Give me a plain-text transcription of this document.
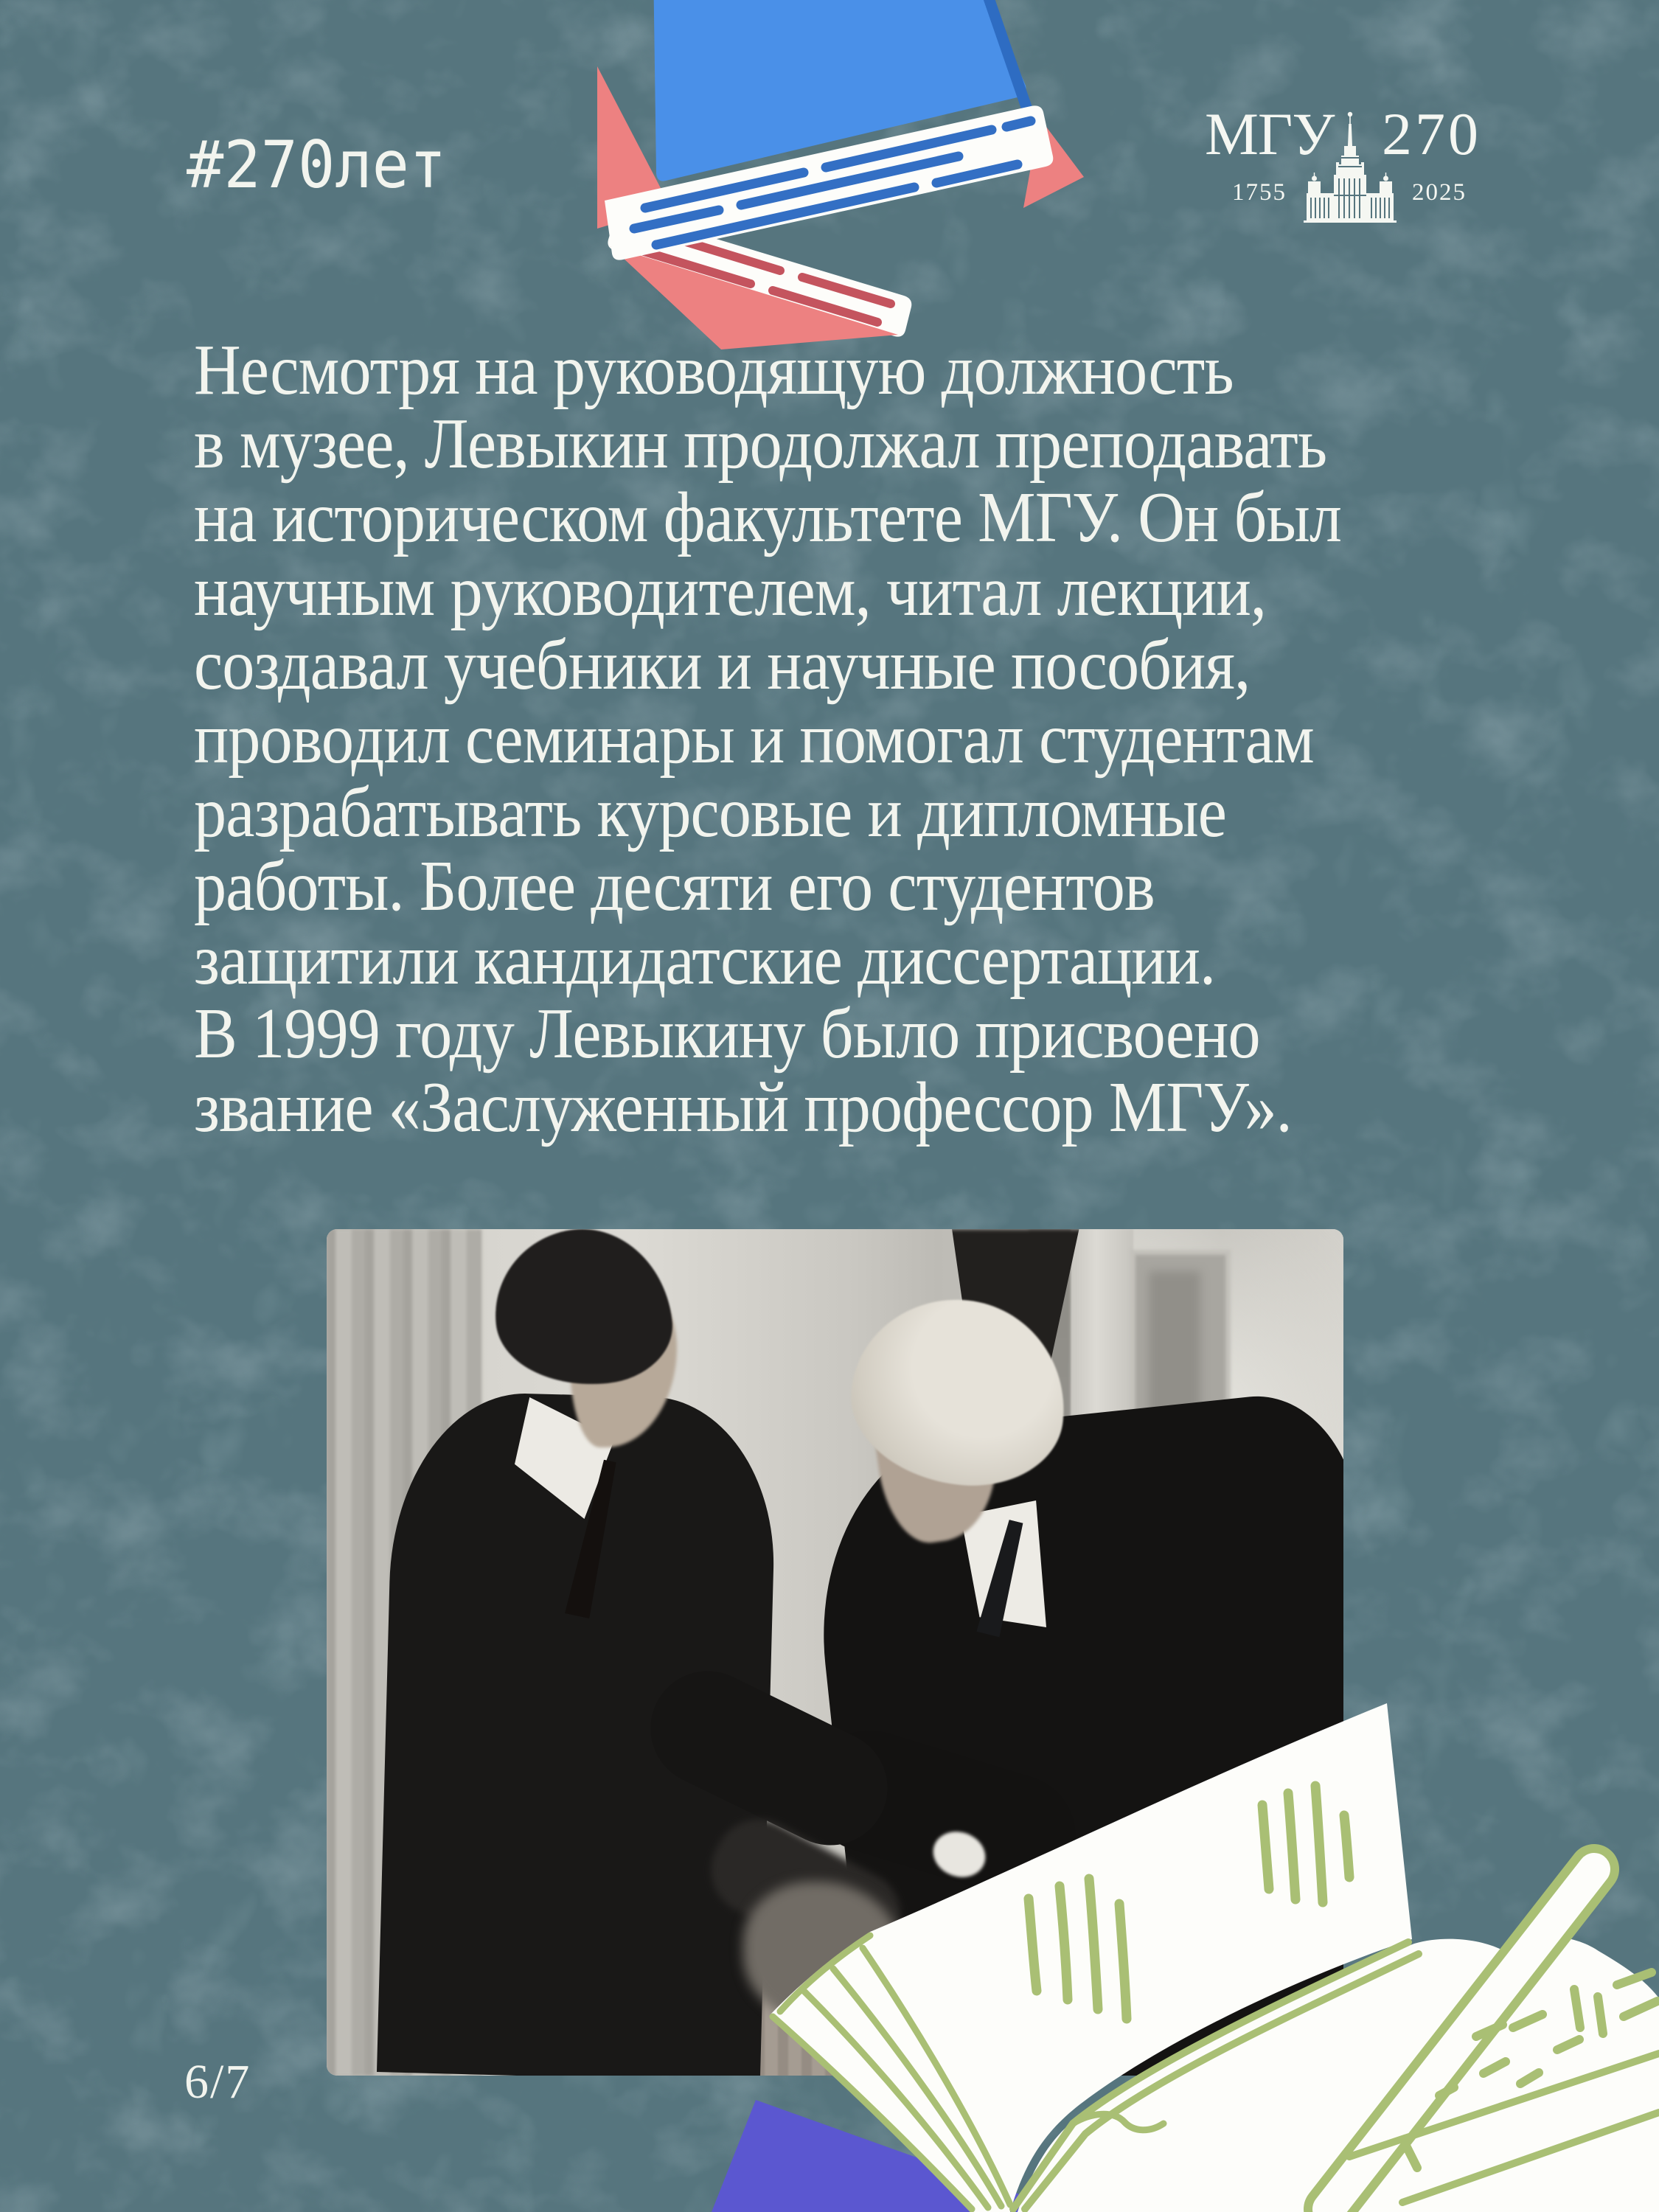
#270лет	МГУ 270
1755	2025
Несмотря на руководящую должность
в музее, Левыкин продолжал преподавать
на историческом факультете МГУ. Он был
научным руководителем, читал лекции,
создавал учебники и научные пособия,
проводил семинары и помогал студентам
разрабатывать курсовые и дипломные
работы. Более десяти его студентов
защитили кандидатские диссертации.
В 1999 году Левыкину было присвоено
звание «Заслуженный профессор МГУ».
6/7
